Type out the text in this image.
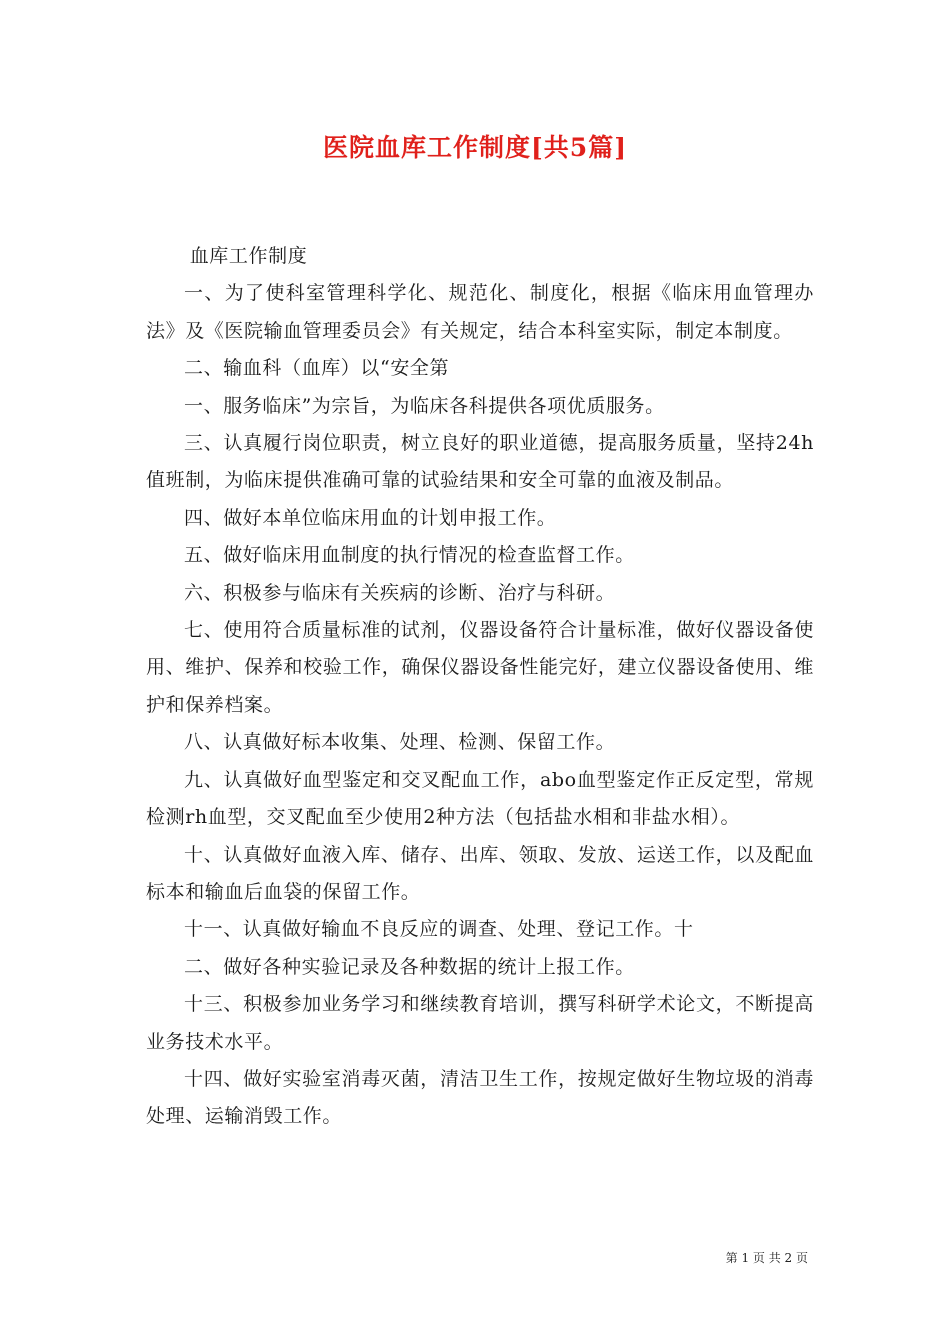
医院血库工作制度[共5篇]

血库工作制度

一、为了使科室管理科学化、规范化、制度化，根据《临床用血管理办法》及《医院输血管理委员会》有关规定，结合本科室实际，制定本制度。

二、输血科（血库）以“安全第

一、服务临床”为宗旨，为临床各科提供各项优质服务。

三、认真履行岗位职责，树立良好的职业道德，提高服务质量，坚持24h值班制，为临床提供准确可靠的试验结果和安全可靠的血液及制品。

四、做好本单位临床用血的计划申报工作。

五、做好临床用血制度的执行情况的检查监督工作。

六、积极参与临床有关疾病的诊断、治疗与科研。

七、使用符合质量标准的试剂，仪器设备符合计量标准，做好仪器设备使用、维护、保养和校验工作，确保仪器设备性能完好，建立仪器设备使用、维护和保养档案。

八、认真做好标本收集、处理、检测、保留工作。

九、认真做好血型鉴定和交叉配血工作，abo血型鉴定作正反定型，常规检测rh血型，交叉配血至少使用2种方法（包括盐水相和非盐水相）。

十、认真做好血液入库、储存、出库、领取、发放、运送工作，以及配血标本和输血后血袋的保留工作。

十一、认真做好输血不良反应的调查、处理、登记工作。十

二、做好各种实验记录及各种数据的统计上报工作。

十三、积极参加业务学习和继续教育培训，撰写科研学术论文，不断提高业务技术水平。

十四、做好实验室消毒灭菌，清洁卫生工作，按规定做好生物垃圾的消毒处理、运输消毁工作。

第 1 页 共 2 页
